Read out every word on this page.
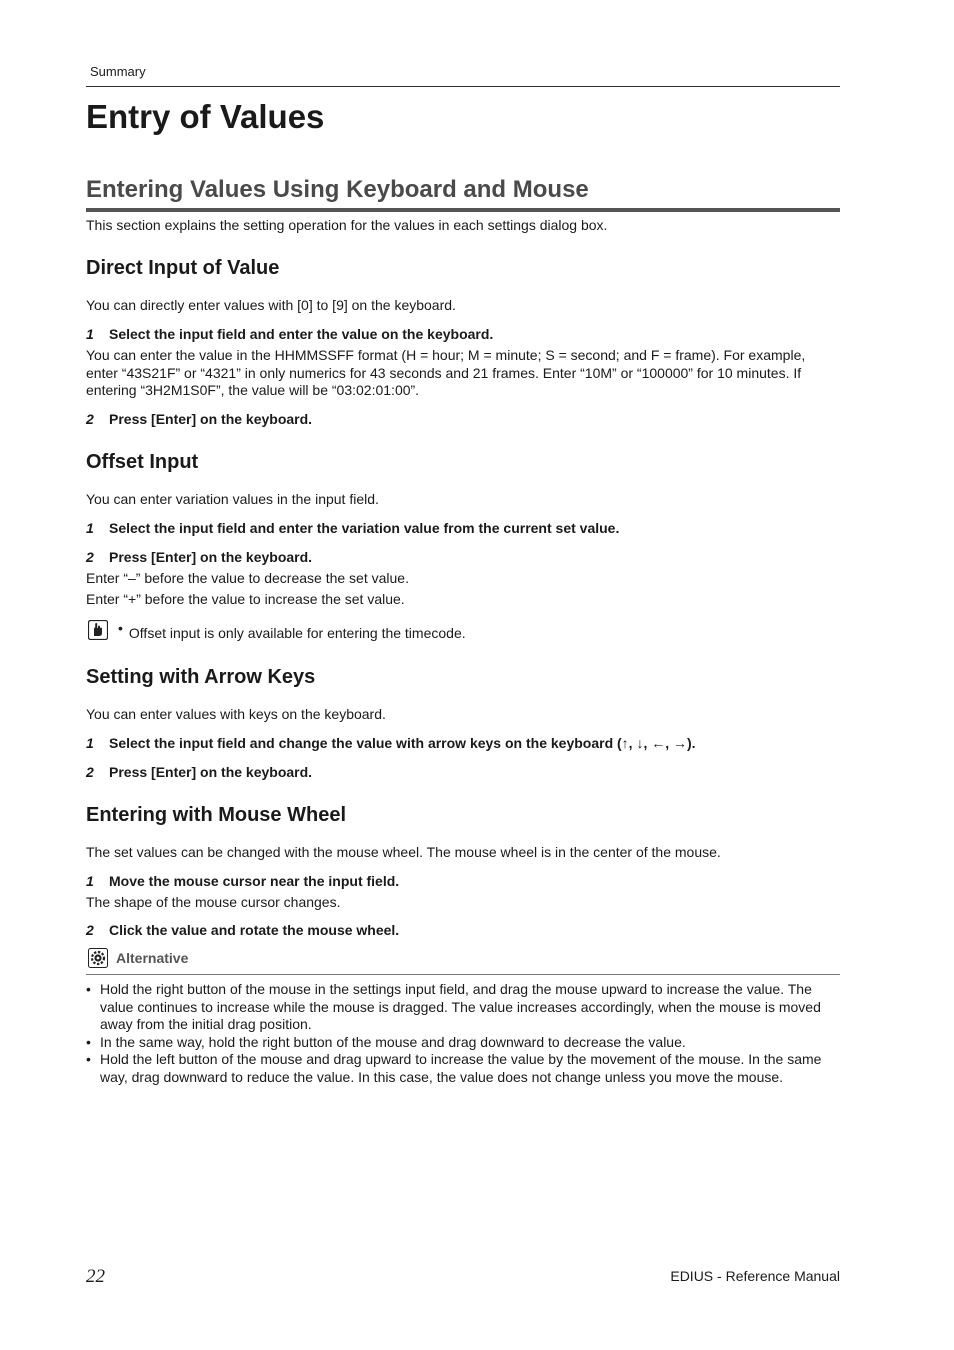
Summary
Entry of Values
Entering Values Using Keyboard and Mouse

This section explains the setting operation for the values in each settings dialog box.

Direct Input of Value

You can directly enter values with [0] to [9] on the keyboard.

1	Select the input field and enter the value on the keyboard.

You can enter the value in the HHMMSSFF format (H = hour; M = minute; S = second; and F = frame). For example, enter “43S21F” or “4321” in only numerics for 43 seconds and 21 frames. Enter “10M” or “100000” for 10 minutes. If entering “3H2M1S0F”, the value will be “03:02:01:00”.

2	Press [Enter] on the keyboard.
Offset Input

You can enter variation values in the input field.

1	Select the input field and enter the variation value from the current set value.
2	Press [Enter] on the keyboard.

Enter “–” before the value to decrease the set value.

Enter “+” before the value to increase the set value.

• Offset input is only available for entering the timecode.
Setting with Arrow Keys

You can enter values with keys on the keyboard.

1	Select the input field and change the value with arrow keys on the keyboard (↑, ↓, ←, →).
2	Press [Enter] on the keyboard.
Entering with Mouse Wheel

The set values can be changed with the mouse wheel. The mouse wheel is in the center of the mouse.

1	Move the mouse cursor near the input field.

The shape of the mouse cursor changes.

2	Click the value and rotate the mouse wheel.
Alternative
• Hold the right button of the mouse in the settings input field, and drag the mouse upward to increase the value. The value continues to increase while the mouse is dragged. The value increases accordingly, when the mouse is moved away from the initial drag position.
• In the same way, hold the right button of the mouse and drag downward to decrease the value.
• Hold the left button of the mouse and drag upward to increase the value by the movement of the mouse. In the same way, drag downward to reduce the value. In this case, the value does not change unless you move the mouse.
22	EDIUS - Reference Manual
